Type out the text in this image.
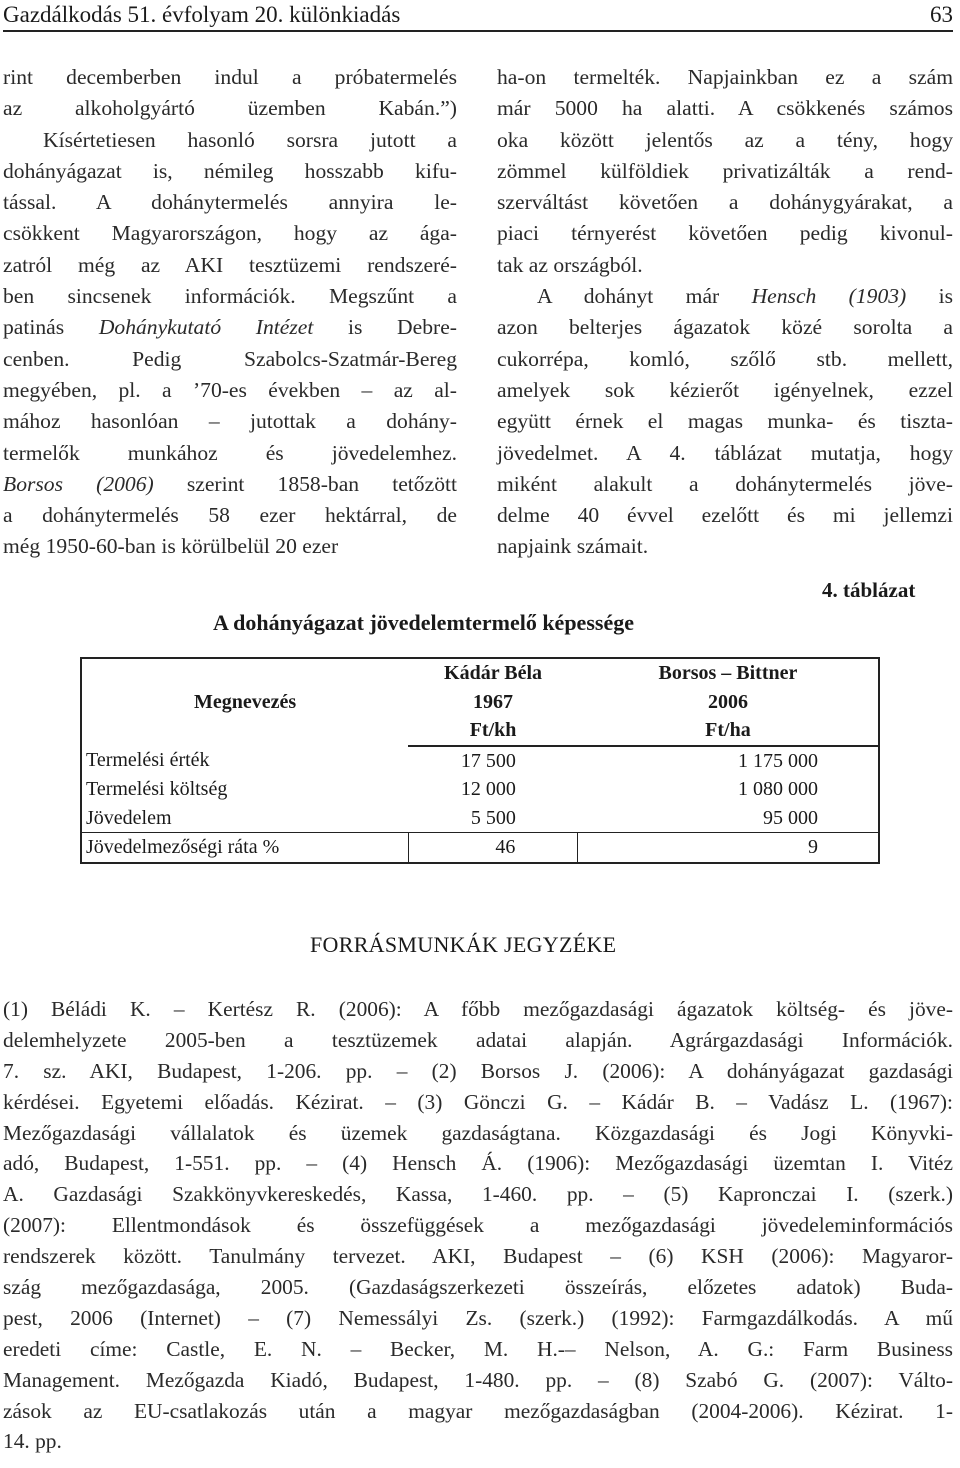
Gazdálkodás 51. évfolyam 20. különkiadás	63
rint decemberben indul a próbatermelés
az alkoholgyártó üzemben Kabán.”)
Kísértetiesen hasonló sorsra jutott a
dohányágazat is, némileg hosszabb kifu-
tással. A dohánytermelés annyira le-
csökkent Magyarországon, hogy az ága-
zatról még az AKI tesztüzemi rendszeré-
ben sincsenek információk. Megszűnt a
patinás Dohánykutató Intézet is Debre-
cenben. Pedig Szabolcs-Szatmár-Bereg
megyében, pl. a ’70-es években – az al-
mához hasonlóan – jutottak a dohány-
termelők munkához és jövedelemhez.
Borsos (2006) szerint 1858-ban tetőzött
a dohánytermelés 58 ezer hektárral, de
még 1950-60-ban is körülbelül 20 ezer
ha-on termelték. Napjainkban ez a szám
már 5000 ha alatti. A csökkenés számos
oka között jelentős az a tény, hogy
zömmel külföldiek privatizálták a rend-
szerváltást követően a dohánygyárakat, a
piaci térnyerést követően pedig kivonul-
tak az országból.
A dohányt már Hensch (1903) is
azon belterjes ágazatok közé sorolta a
cukorrépa, komló, szőlő stb. mellett,
amelyek sok kézierőt igényelnek, ezzel
együtt érnek el magas munka- és tiszta-
jövedelmet. A 4. táblázat mutatja, hogy
miként alakult a dohánytermelés jöve-
delme 40 évvel ezelőtt és mi jellemzi
napjaink számait.
4. táblázat
A dohányágazat jövedelemtermelő képessége
Megnevezés	Kádár Béla	Borsos – Bittner
	1967	2006
	Ft/kh	Ft/ha
Termelési érték	17 500	1 175 000
Termelési költség	12 000	1 080 000
Jövedelem	5 500	95 000
Jövedelmezőségi ráta %	46	9
FORRÁSMUNKÁK JEGYZÉKE
(1) Béládi K. – Kertész R. (2006): A főbb mezőgazdasági ágazatok költség- és jöve-
delemhelyzete 2005-ben a tesztüzemek adatai alapján. Agrárgazdasági Információk.
7. sz. AKI, Budapest, 1-206. pp. – (2) Borsos J. (2006): A dohányágazat gazdasági
kérdései. Egyetemi előadás. Kézirat. – (3) Gönczi G. – Kádár B. – Vadász L. (1967):
Mezőgazdasági vállalatok és üzemek gazdaságtana. Közgazdasági és Jogi Könyvki-
adó, Budapest, 1-551. pp. – (4) Hensch Á. (1906): Mezőgazdasági üzemtan I. Vitéz
A. Gazdasági Szakkönyvkereskedés, Kassa, 1-460. pp. – (5) Kapronczai I. (szerk.)
(2007): Ellentmondások és összefüggések a mezőgazdasági jövedeleminformációs
rendszerek között. Tanulmány tervezet. AKI, Budapest – (6) KSH (2006): Magyaror-
szág mezőgazdasága, 2005. (Gazdaságszerkezeti összeírás, előzetes adatok) Buda-
pest, 2006 (Internet) – (7) Nemessályi Zs. (szerk.) (1992): Farmgazdálkodás. A mű
eredeti címe: Castle, E. N. – Becker, M. H.-– Nelson, A. G.: Farm Business
Management. Mezőgazda Kiadó, Budapest, 1-480. pp. – (8) Szabó G. (2007): Válto-
zások az EU-csatlakozás után a magyar mezőgazdaságban (2004-2006). Kézirat. 1-
14. pp.
